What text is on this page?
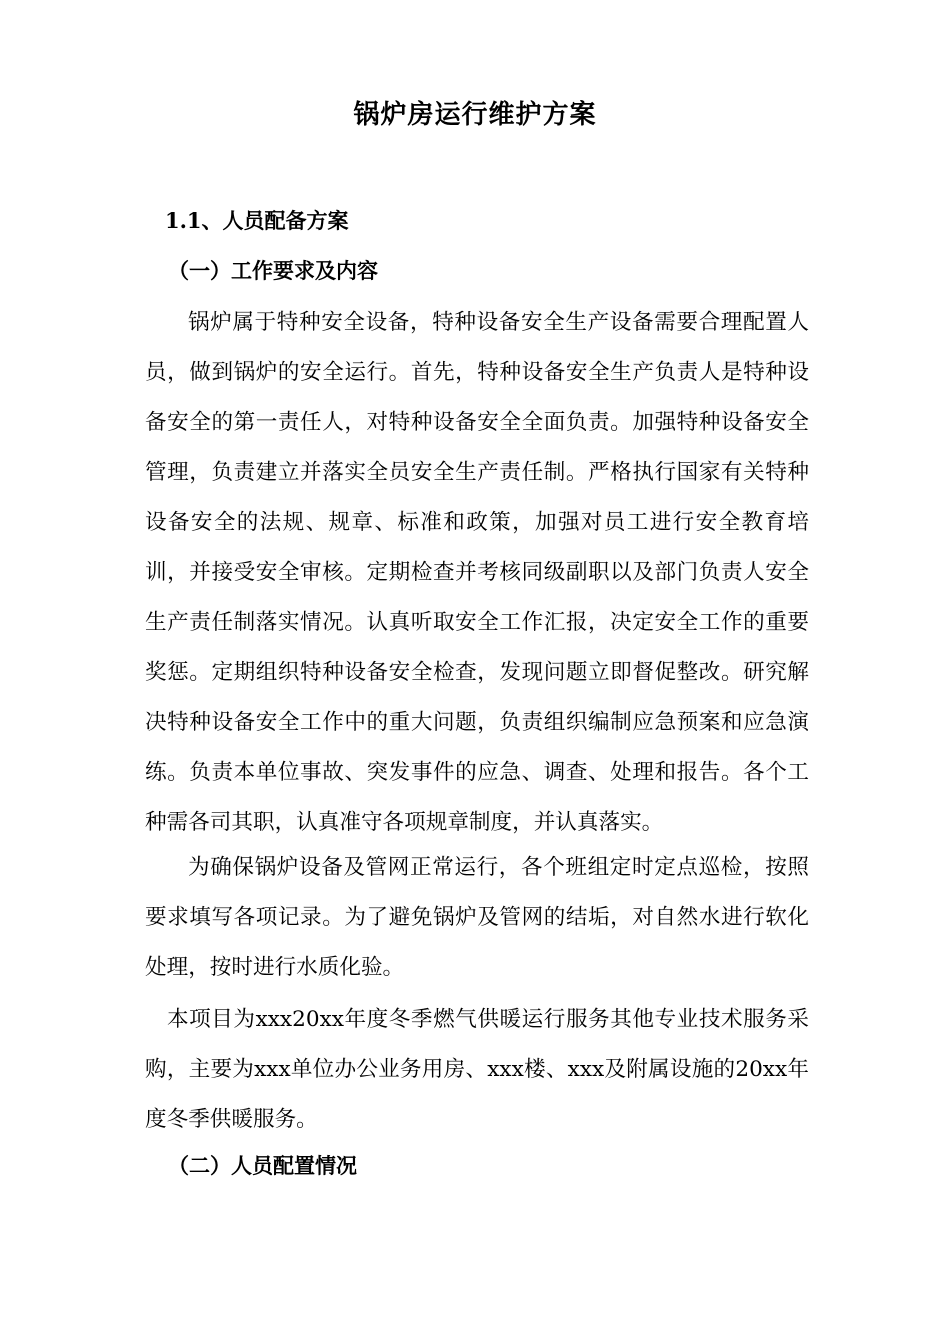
锅炉房运行维护方案
1.1、人员配备方案
（一）工作要求及内容

锅炉属于特种安全设备，特种设备安全生产设备需要合理配置人员，做到锅炉的安全运行。首先，特种设备安全生产负责人是特种设备安全的第一责任人，对特种设备安全全面负责。加强特种设备安全管理，负责建立并落实全员安全生产责任制。严格执行国家有关特种设备安全的法规、规章、标准和政策，加强对员工进行安全教育培训，并接受安全审核。定期检查并考核同级副职以及部门负责人安全生产责任制落实情况。认真听取安全工作汇报，决定安全工作的重要奖惩。定期组织特种设备安全检查，发现问题立即督促整改。研究解决特种设备安全工作中的重大问题，负责组织编制应急预案和应急演练。负责本单位事故、突发事件的应急、调查、处理和报告。各个工种需各司其职，认真准守各项规章制度，并认真落实。

为确保锅炉设备及管网正常运行，各个班组定时定点巡检，按照要求填写各项记录。为了避免锅炉及管网的结垢，对自然水进行软化处理，按时进行水质化验。

本项目为xxx20xx年度冬季燃气供暖运行服务其他专业技术服务采购，主要为xxx单位办公业务用房、xxx楼、xxx及附属设施的20xx年度冬季供暖服务。

（二）人员配置情况
